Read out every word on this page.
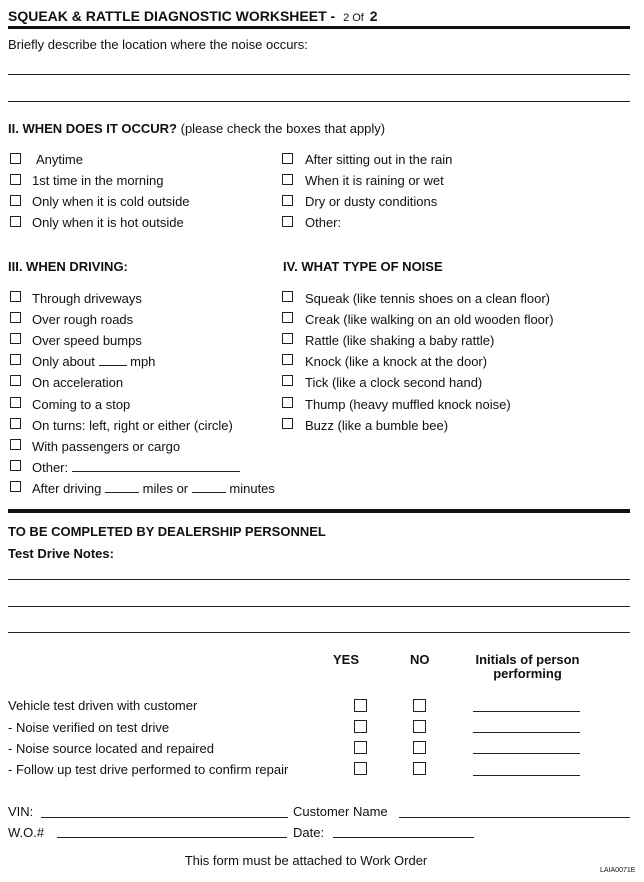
SQUEAK & RATTLE DIAGNOSTIC WORKSHEET - 2 Of 2
Briefly describe the location where the noise occurs:
II. WHEN DOES IT OCCUR? (please check the boxes that apply)
Anytime
1st time in the morning
Only when it is cold outside
Only when it is hot outside
After sitting out in the rain
When it is raining or wet
Dry or dusty conditions
Other:
III. WHEN DRIVING:
Through driveways
Over rough roads
Over speed bumps
Only about	mph
On acceleration
Coming to a stop
On turns: left, right or either (circle)
With passengers or cargo
Other:
After driving	miles or	minutes
IV. WHAT TYPE OF NOISE
Squeak (like tennis shoes on a clean floor)
Creak (like walking on an old wooden floor)
Rattle (like shaking a baby rattle)
Knock (like a knock at the door)
Tick (like a clock second hand)
Thump (heavy muffled knock noise)
Buzz (like a bumble bee)
TO BE COMPLETED BY DEALERSHIP PERSONNEL
Test Drive Notes:
YES	NO	Initials of person
performing
Vehicle test driven with customer
- Noise verified on test drive
- Noise source located and repaired
- Follow up test drive performed to confirm repair
VIN:	Customer Name
W.O.#	Date:
This form must be attached to Work Order
LAIA0071E
